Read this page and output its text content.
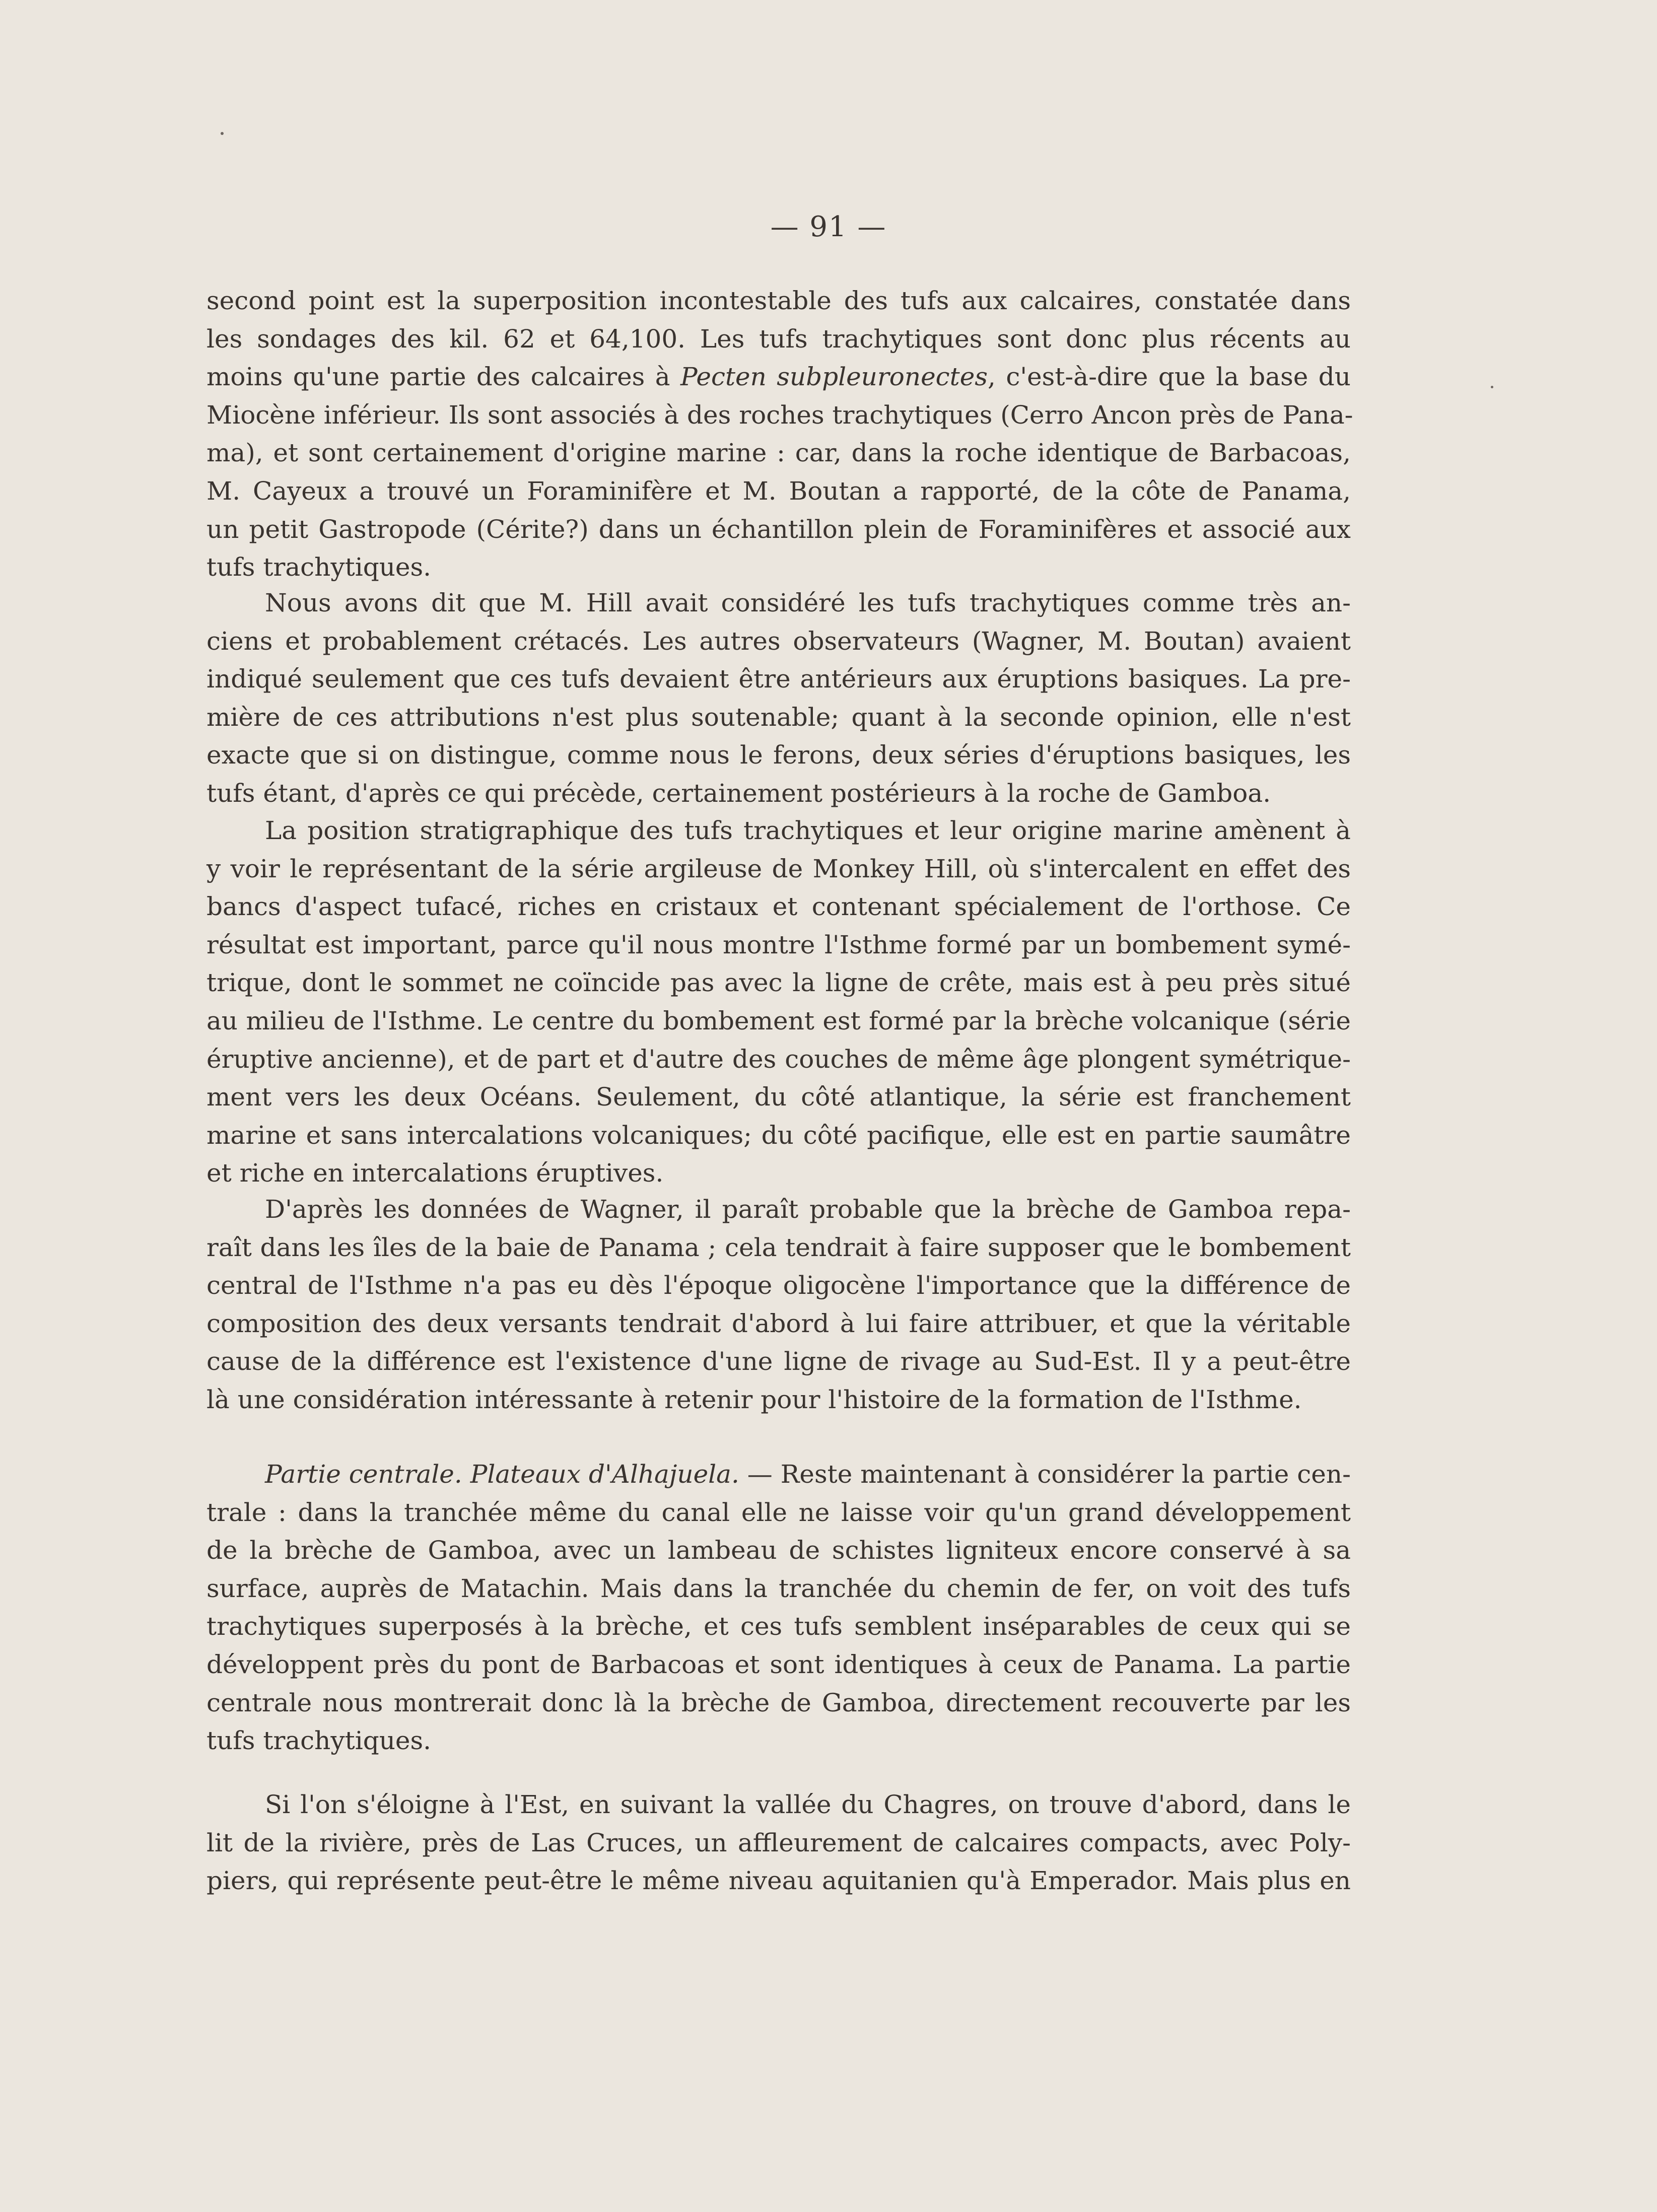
— 91 —
second point est la superposition incontestable des tufs aux calcaires, constatée dans
les sondages des kil. 62 et 64,100. Les tufs trachytiques sont donc plus récents au
moins qu'une partie des calcaires à Pecten subpleuronectes, c'est-à-dire que la base du
Miocène inférieur. Ils sont associés à des roches trachytiques (Cerro Ancon près de Pana-
ma), et sont certainement d'origine marine : car, dans la roche identique de Barbacoas,
M. Cayeux a trouvé un Foraminifère et M. Boutan a rapporté, de la côte de Panama,
un petit Gastropode (Cérite?) dans un échantillon plein de Foraminifères et associé aux
tufs trachytiques.
Nous avons dit que M. Hill avait considéré les tufs trachytiques comme très an-
ciens et probablement crétacés. Les autres observateurs (Wagner, M. Boutan) avaient
indiqué seulement que ces tufs devaient être antérieurs aux éruptions basiques. La pre-
mière de ces attributions n'est plus soutenable; quant à la seconde opinion, elle n'est
exacte que si on distingue, comme nous le ferons, deux séries d'éruptions basiques, les
tufs étant, d'après ce qui précède, certainement postérieurs à la roche de Gamboa.
La position stratigraphique des tufs trachytiques et leur origine marine amènent à
y voir le représentant de la série argileuse de Monkey Hill, où s'intercalent en effet des
bancs d'aspect tufacé, riches en cristaux et contenant spécialement de l'orthose. Ce
résultat est important, parce qu'il nous montre l'Isthme formé par un bombement symé-
trique, dont le sommet ne coïncide pas avec la ligne de crête, mais est à peu près situé
au milieu de l'Isthme. Le centre du bombement est formé par la brèche volcanique (série
éruptive ancienne), et de part et d'autre des couches de même âge plongent symétrique-
ment vers les deux Océans. Seulement, du côté atlantique, la série est franchement
marine et sans intercalations volcaniques; du côté pacifique, elle est en partie saumâtre
et riche en intercalations éruptives.
D'après les données de Wagner, il paraît probable que la brèche de Gamboa repa-
raît dans les îles de la baie de Panama ; cela tendrait à faire supposer que le bombement
central de l'Isthme n'a pas eu dès l'époque oligocène l'importance que la différence de
composition des deux versants tendrait d'abord à lui faire attribuer, et que la véritable
cause de la différence est l'existence d'une ligne de rivage au Sud-Est. Il y a peut-être
là une considération intéressante à retenir pour l'histoire de la formation de l'Isthme.
Partie centrale. Plateaux d'Alhajuela. — Reste maintenant à considérer la partie cen-
trale : dans la tranchée même du canal elle ne laisse voir qu'un grand développement
de la brèche de Gamboa, avec un lambeau de schistes ligniteux encore conservé à sa
surface, auprès de Matachin. Mais dans la tranchée du chemin de fer, on voit des tufs
trachytiques superposés à la brèche, et ces tufs semblent inséparables de ceux qui se
développent près du pont de Barbacoas et sont identiques à ceux de Panama. La partie
centrale nous montrerait donc là la brèche de Gamboa, directement recouverte par les
tufs trachytiques.
Si l'on s'éloigne à l'Est, en suivant la vallée du Chagres, on trouve d'abord, dans le
lit de la rivière, près de Las Cruces, un affleurement de calcaires compacts, avec Poly-
piers, qui représente peut-être le même niveau aquitanien qu'à Emperador. Mais plus en
